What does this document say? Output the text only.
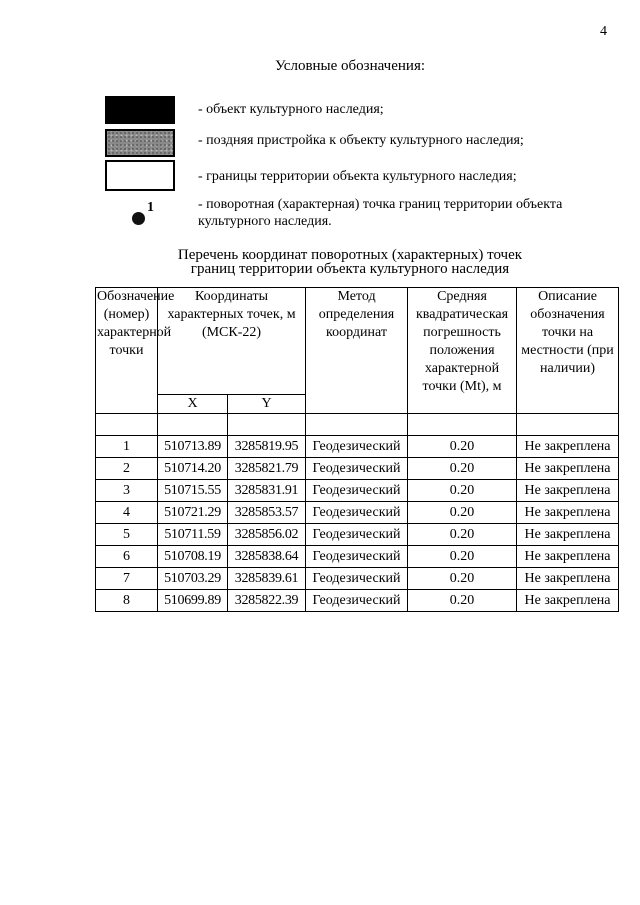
4
Условные обозначения:
- объект культурного наследия;
- поздняя пристройка к объекту культурного наследия;
- границы территории объекта культурного наследия;
1	- поворотная (характерная) точка границ территории объекта культурного наследия.
Перечень координат поворотных (характерных) точек
границ территории объекта культурного наследия
Обозначение (номер) характерной точки	Координаты характерных точек, м (МСК-22)		Метод определения координат	Средняя квадратическая погрешность положения характерной точки (Mt), м	Описание обозначения точки на местности (при наличии)
	X	Y			

1	510713.89	3285819.95	Геодезический	0.20	Не закреплена
2	510714.20	3285821.79	Геодезический	0.20	Не закреплена
3	510715.55	3285831.91	Геодезический	0.20	Не закреплена
4	510721.29	3285853.57	Геодезический	0.20	Не закреплена
5	510711.59	3285856.02	Геодезический	0.20	Не закреплена
6	510708.19	3285838.64	Геодезический	0.20	Не закреплена
7	510703.29	3285839.61	Геодезический	0.20	Не закреплена
8	510699.89	3285822.39	Геодезический	0.20	Не закреплена
